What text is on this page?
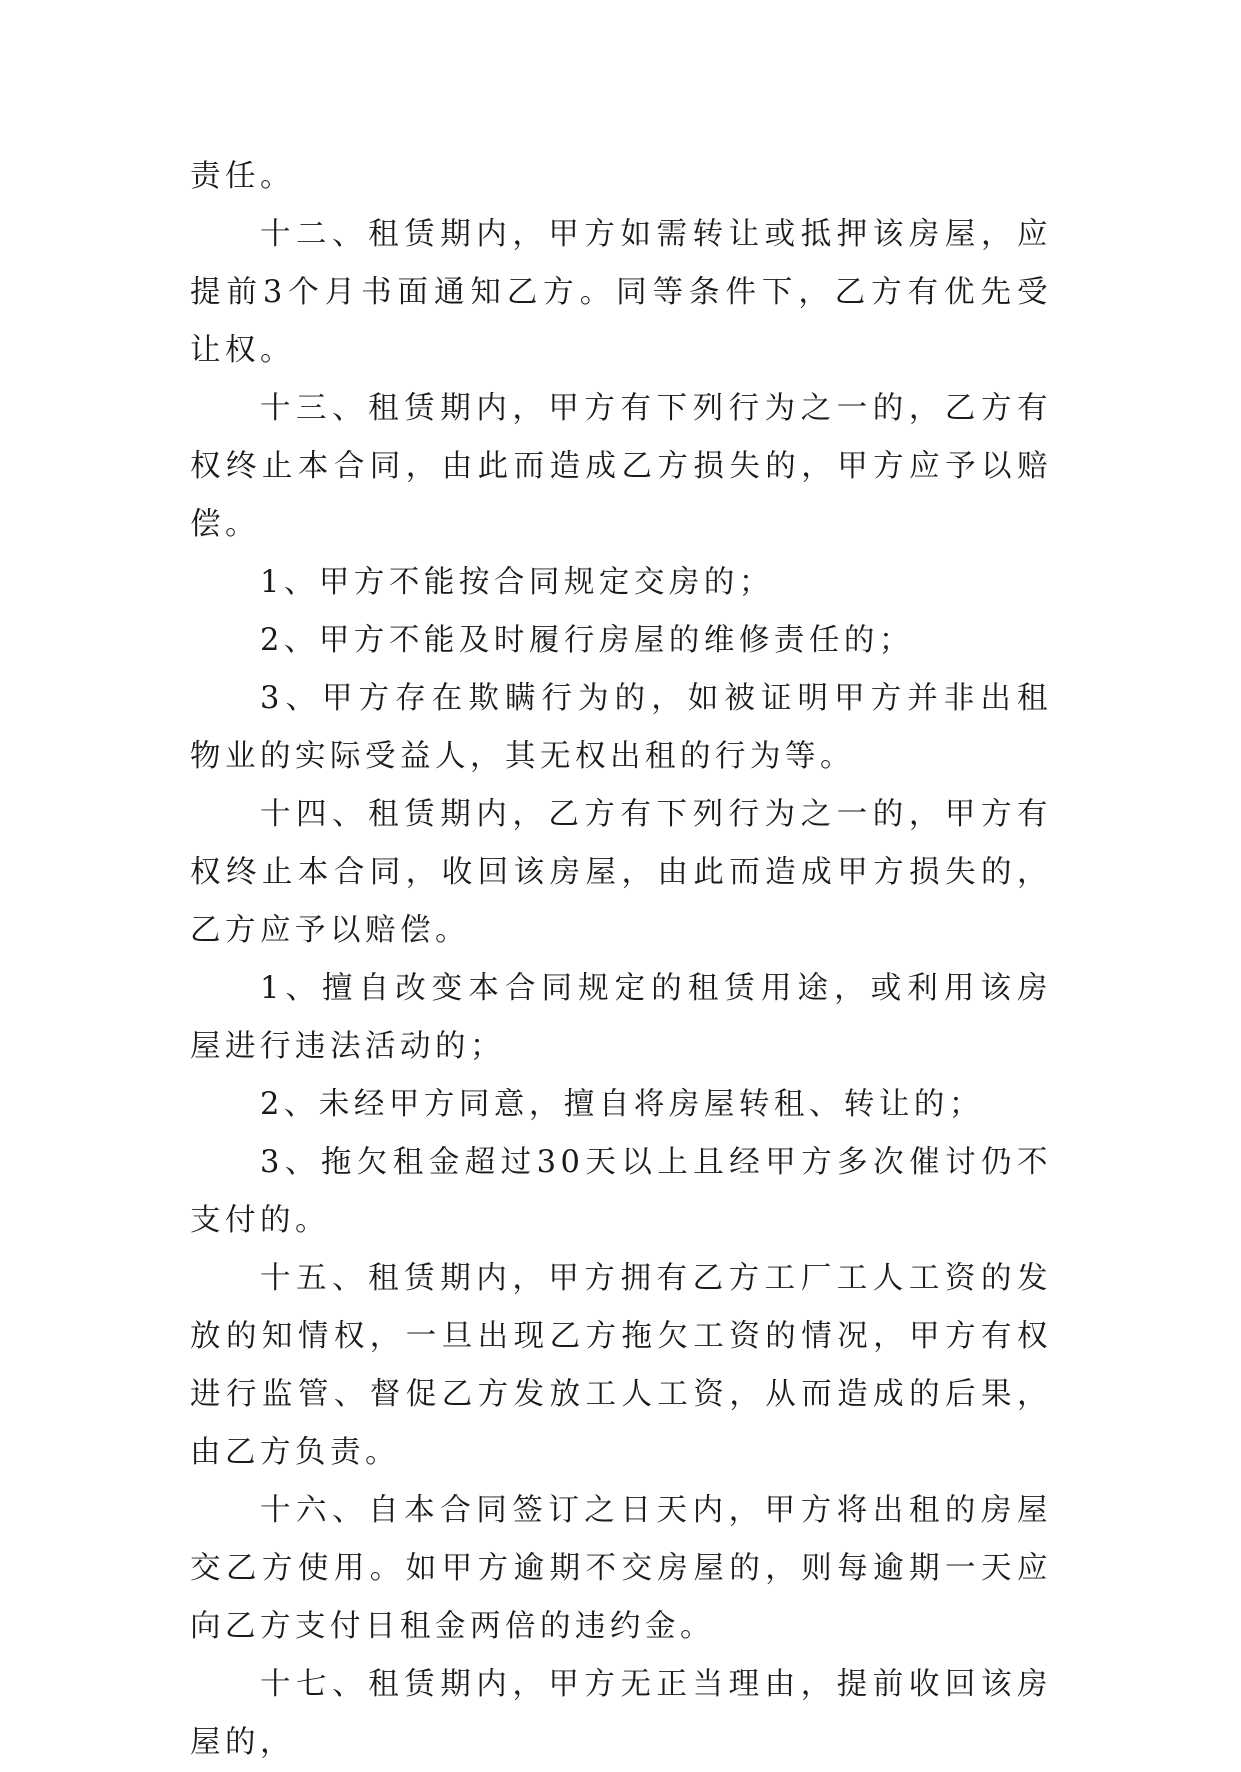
责任。

十二、租赁期内，甲方如需转让或抵押该房屋，应提前3个月书面通知乙方。同等条件下，乙方有优先受让权。

十三、租赁期内，甲方有下列行为之一的，乙方有权终止本合同，由此而造成乙方损失的，甲方应予以赔偿。

1、甲方不能按合同规定交房的；

2、甲方不能及时履行房屋的维修责任的；

3、甲方存在欺瞒行为的，如被证明甲方并非出租物业的实际受益人，其无权出租的行为等。

十四、租赁期内，乙方有下列行为之一的，甲方有权终止本合同，收回该房屋，由此而造成甲方损失的，乙方应予以赔偿。

1、擅自改变本合同规定的租赁用途，或利用该房屋进行违法活动的；

2、未经甲方同意，擅自将房屋转租、转让的；

3、拖欠租金超过30天以上且经甲方多次催讨仍不支付的。

十五、租赁期内，甲方拥有乙方工厂工人工资的发放的知情权，一旦出现乙方拖欠工资的情况，甲方有权进行监管、督促乙方发放工人工资，从而造成的后果，由乙方负责。

十六、自本合同签订之日天内，甲方将出租的房屋交乙方使用。如甲方逾期不交房屋的，则每逾期一天应向乙方支付日租金两倍的违约金。

十七、租赁期内，甲方无正当理由，提前收回该房屋的，
